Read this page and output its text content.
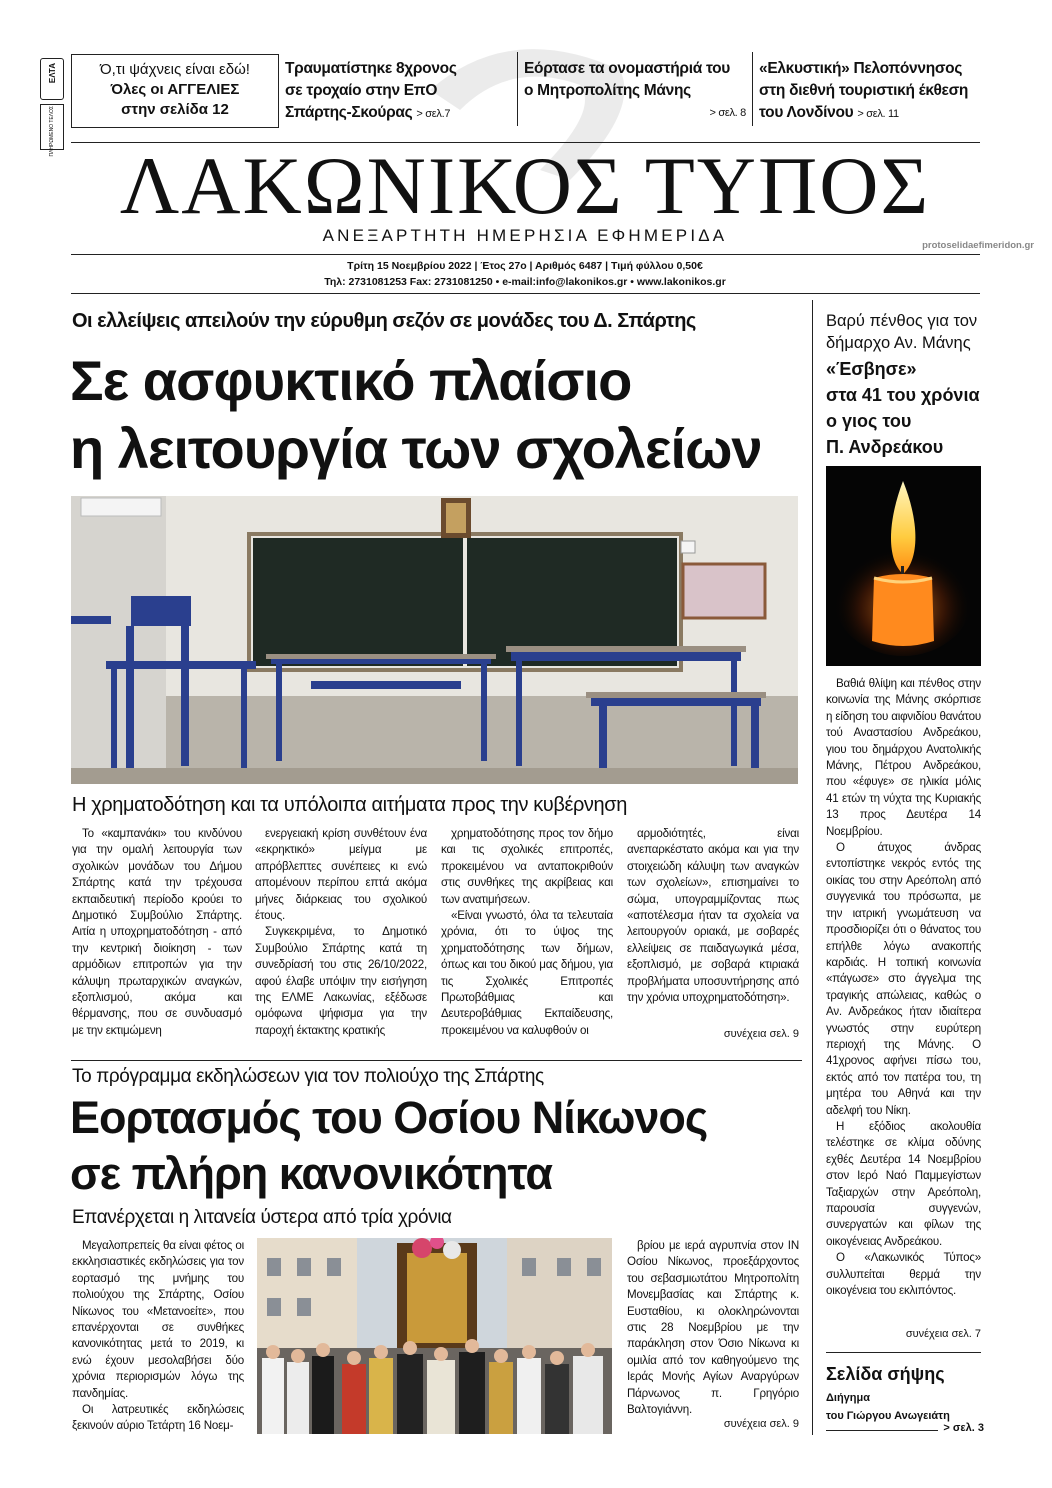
ΕΛΤΑ
ΠΛΗΡΩΜΕΝΟ ΤΕΛΟΣ
Ό,τι ψάχνεις είναι εδώ!
Όλες οι ΑΓΓΕΛΙΕΣ
στην σελίδα 12
Τραυματίστηκε 8χρονος
σε τροχαίο στην ΕπΟ
Σπάρτης-Σκούρας > σελ.7
Εόρτασε τα ονομαστήριά του
ο Μητροπολίτης Μάνης
> σελ. 8
«Ελκυστική» Πελοπόννησος
στη διεθνή τουριστική έκθεση
του Λονδίνου > σελ. 11
ΛΑΚΩΝΙΚΟΣ ΤΥΠΟΣ
ΑΝΕΞΑΡΤΗΤΗ ΗΜΕΡΗΣΙΑ ΕΦΗΜΕΡΙΔΑ
protoselidaefimeridon.gr
Τρίτη 15 Νοεμβρίου 2022 | Έτος 27ο | Αριθμός 6487 | Τιμή φύλλου 0,50€
Τηλ: 2731081253 Fax: 2731081250 • e-mail:info@lakonikos.gr • www.lakonikos.gr
Οι ελλείψεις απειλούν την εύρυθμη σεζόν σε μονάδες του Δ. Σπάρτης
Σε ασφυκτικό πλαίσιο
η λειτουργία των σχολείων
Η χρηματοδότηση και τα υπόλοιπα αιτήματα προς την κυβέρνηση

Το «καμπανάκι» του κινδύνου για την ομαλή λειτουργία των σχολικών μονάδων του Δήμου Σπάρτης κατά την τρέχουσα εκπαιδευτική περίοδο κρούει το Δημοτικό Συμβούλιο Σπάρτης. Αιτία η υποχρηματοδότηση - από την κεντρική διοίκηση - των αρμόδιων επιτροπών για την κάλυψη πρωταρχικών αναγκών, εξοπλισμού, ακόμα και θέρμανσης, που σε συνδυασμό με την εκτιμώμενη

ενεργειακή κρίση συνθέτουν ένα «εκρηκτικό» μείγμα με απρόβλεπτες συνέπειες κι ενώ απομένουν περίπου επτά ακόμα μήνες διάρκειας του σχολικού έτους.

Συγκεκριμένα, το Δημοτικό Συμβούλιο Σπάρτης κατά τη συνεδρίασή του στις 26/10/2022, αφού έλαβε υπόψιν την εισήγηση της ΕΛΜΕ Λακωνίας, εξέδωσε ομόφωνα ψήφισμα για την παροχή έκτακτης κρατικής

χρηματοδότησης προς τον δήμο και τις σχολικές επιτροπές, προκειμένου να ανταποκριθούν στις συνθήκες της ακρίβειας και των ανατιμήσεων.

«Είναι γνωστό, όλα τα τελευταία χρόνια, ότι το ύψος της χρηματοδότησης των δήμων, όπως και του δικού μας δήμου, για τις Σχολικές Επιτροπές Πρωτοβάθμιας και Δευτεροβάθμιας Εκπαίδευσης, προκειμένου να καλυφθούν οι

αρμοδιότητές, είναι ανεπαρκέστατο ακόμα και για την στοιχειώδη κάλυψη των αναγκών των σχολείων», επισημαίνει το σώμα, υπογραμμίζοντας πως «αποτέλεσμα ήταν τα σχολεία να λειτουργούν οριακά, με σοβαρές ελλείψεις σε παιδαγωγικά μέσα, εξοπλισμό, με σοβαρά κτιριακά προβλήματα υποσυντήρησης από την χρόνια υποχρηματοδότηση».

συνέχεια σελ. 9
Το πρόγραμμα εκδηλώσεων για τον πολιούχο της Σπάρτης
Εορτασμός του Οσίου Νίκωνος
σε πλήρη κανονικότητα
Επανέρχεται η λιτανεία ύστερα από τρία χρόνια

Μεγαλοπρεπείς θα είναι φέτος οι εκκλησιαστικές εκδηλώσεις για τον εορτασμό της μνήμης του πολιούχου της Σπάρτης, Οσίου Νίκωνος του «Μετανοείτε», που επανέρχονται σε συνθήκες κανονικότητας μετά το 2019, κι ενώ έχουν μεσολαβήσει δύο χρόνια περιορισμών λόγω της πανδημίας.

Οι λατρευτικές εκδηλώσεις ξεκινούν αύριο Τετάρτη 16 Νοεμ-

βρίου με ιερά αγρυπνία στον ΙΝ Οσίου Νίκωνος, προεξάρχοντος του σεβασμιωτάτου Μητροπολίτη Μονεμβασίας και Σπάρτης κ. Ευσταθίου, κι ολοκληρώνονται στις 28 Νοεμβρίου με την παράκληση στον Όσιο Νίκωνα κι ομιλία από τον καθηγούμενο της Ιεράς Μονής Αγίων Αναργύρων Πάρνωνος π. Γρηγόριο Βαλτογιάννη.

συνέχεια σελ. 9
Βαρύ πένθος για τον
δήμαρχο Αν. Μάνης
«Έσβησε»
στα 41 του χρόνια
ο γιος του
Π. Ανδρεάκου

Βαθιά θλίψη και πένθος στην κοινωνία της Μάνης σκόρπισε η είδηση του αιφνιδίου θανάτου τού Αναστασίου Ανδρεάκου, γιου του δημάρχου Ανατολικής Μάνης, Πέτρου Ανδρεάκου, που «έφυγε» σε ηλικία μόλις 41 ετών τη νύχτα της Κυριακής 13 προς Δευτέρα 14 Νοεμβρίου.

Ο άτυχος άνδρας εντοπίστηκε νεκρός εντός της οικίας του στην Αρεόπολη από συγγενικά του πρόσωπα, με την ιατρική γνωμάτευση να προσδιορίζει ότι ο θάνατος του επήλθε λόγω ανακοπής καρδιάς. Η τοπική κοινωνία «πάγωσε» στο άγγελμα της τραγικής απώλειας, καθώς ο Αν. Ανδρεάκος ήταν ιδιαίτερα γνωστός στην ευρύτερη περιοχή της Μάνης. Ο 41χρονος αφήνει πίσω του, εκτός από τον πατέρα του, τη μητέρα του Αθηνά και την αδελφή του Νίκη.

Η εξόδιος ακολουθία τελέστηκε σε κλίμα οδύνης εχθές Δευτέρα 14 Νοεμβρίου στον Ιερό Ναό Παμμεγίστων Ταξιαρχών στην Αρεόπολη, παρουσία συγγενών, συνεργατών και φίλων της οικογένειας Ανδρεάκου.

Ο «Λακωνικός Τύπος» συλλυπείται θερμά την οικογένεια του εκλιπόντος.

συνέχεια σελ. 7
Σελίδα σήψης
Διήγημα
του Γιώργου Ανωγειάτη
> σελ. 3
